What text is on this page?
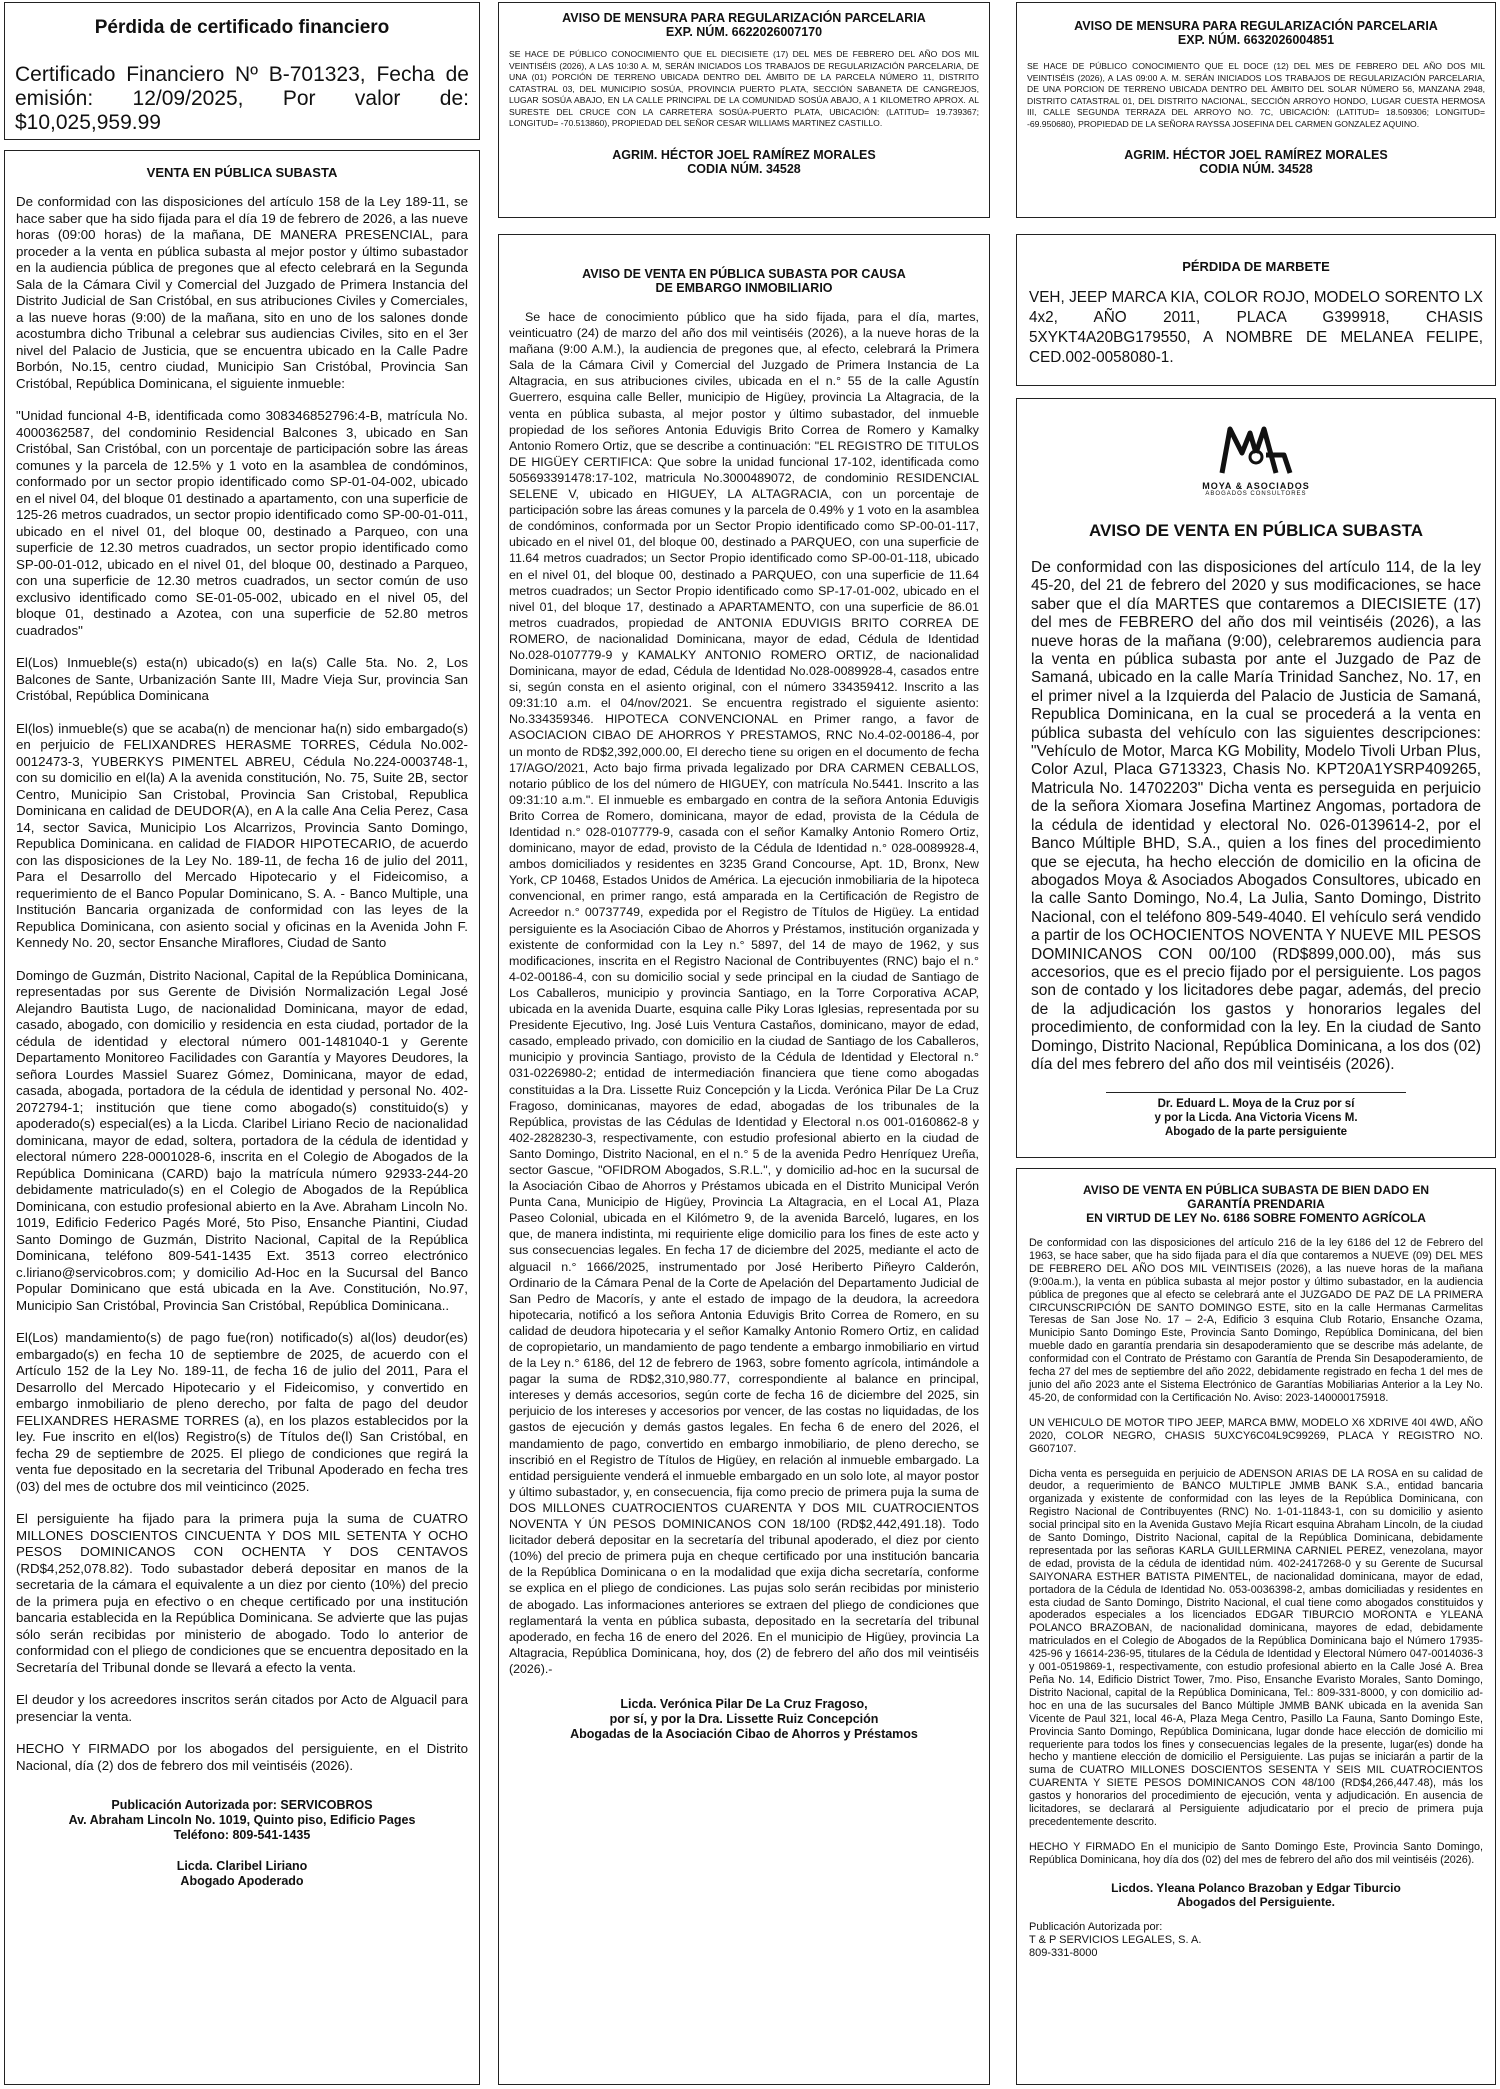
Pérdida de certificado financiero

Certificado Financiero Nº B-701323, Fecha de emisión: 12/09/2025, Por valor de: $10,025,959.99

VENTA EN PÚBLICA SUBASTA

De conformidad con las disposiciones del artículo 158 de la Ley 189-11, se hace saber que ha sido fijada para el día 19 de febrero de 2026, a las nueve horas (09:00 horas) de la mañana, DE MANERA PRESENCIAL, para proceder a la venta en pública subasta al mejor postor y último subastador en la audiencia pública de pregones que al efecto celebrará en la Segunda Sala de la Cámara Civil y Comercial del Juzgado de Primera Instancia del Distrito Judicial de San Cristóbal, en sus atribuciones Civiles y Comerciales, a las nueve horas (9:00) de la mañana, sito en uno de los salones donde acostumbra dicho Tribunal a celebrar sus audiencias Civiles, sito en el 3er nivel del Palacio de Justicia, que se encuentra ubicado en la Calle Padre Borbón, No.15, centro ciudad, Municipio San Cristóbal, Provincia San Cristóbal, República Dominicana, el siguiente inmueble:

"Unidad funcional 4-B, identificada como 308346852796:4-B, matrícula No. 4000362587, del condominio Residencial Balcones 3, ubicado en San Cristóbal, San Cristóbal, con un porcentaje de participación sobre las áreas comunes y la parcela de 12.5% y 1 voto en la asamblea de condóminos, conformado por un sector propio identificado como SP-01-04-002, ubicado en el nivel 04, del bloque 01 destinado a apartamento, con una superficie de 125-26 metros cuadrados, un sector propio identificado como SP-00-01-011, ubicado en el nivel 01, del bloque 00, destinado a Parqueo, con una superficie de 12.30 metros cuadrados, un sector propio identificado como SP-00-01-012, ubicado en el nivel 01, del bloque 00, destinado a Parqueo, con una superficie de 12.30 metros cuadrados, un sector común de uso exclusivo identificado como SE-01-05-002, ubicado en el nivel 05, del bloque 01, destinado a Azotea, con una superficie de 52.80 metros cuadrados"

El(Los) Inmueble(s) esta(n) ubicado(s) en la(s) Calle 5ta. No. 2, Los Balcones de Sante, Urbanización Sante III, Madre Vieja Sur, provincia San Cristóbal, República Dominicana

El(los) inmueble(s) que se acaba(n) de mencionar ha(n) sido embargado(s) en perjuicio de FELIXANDRES HERASME TORRES, Cédula No.002-0012473-3, YUBERKYS PIMENTEL ABREU, Cédula No.224-0003748-1, con su domicilio en el(la) A la avenida constitución, No. 75, Suite 2B, sector Centro, Municipio San Cristobal, Provincia San Cristobal, Republica Dominicana en calidad de DEUDOR(A), en A la calle Ana Celia Perez, Casa 14, sector Savica, Municipio Los Alcarrizos, Provincia Santo Domingo, Republica Dominicana. en calidad de FIADOR HIPOTECARIO, de acuerdo con las disposiciones de la Ley No. 189-11, de fecha 16 de julio del 2011, Para el Desarrollo del Mercado Hipotecario y el Fideicomiso, a requerimiento de el Banco Popular Dominicano, S. A. - Banco Multiple, una Institución Bancaria organizada de conformidad con las leyes de la Republica Dominicana, con asiento social y oficinas en la Avenida John F. Kennedy No. 20, sector Ensanche Miraflores, Ciudad de Santo

Domingo de Guzmán, Distrito Nacional, Capital de la República Dominicana, representadas por sus Gerente de División Normalización Legal José Alejandro Bautista Lugo, de nacionalidad Dominicana, mayor de edad, casado, abogado, con domicilio y residencia en esta ciudad, portador de la cédula de identidad y electoral número 001-1481040-1 y Gerente Departamento Monitoreo Facilidades con Garantía y Mayores Deudores, la señora Lourdes Massiel Suarez Gómez, Dominicana, mayor de edad, casada, abogada, portadora de la cédula de identidad y personal No. 402-2072794-1; institución que tiene como abogado(s) constituido(s) y apoderado(s) especial(es) a la Licda. Claribel Liriano Recio de nacionalidad dominicana, mayor de edad, soltera, portadora de la cédula de identidad y electoral número 228-0001028-6, inscrita en el Colegio de Abogados de la República Dominicana (CARD) bajo la matrícula número 92933-244-20 debidamente matriculado(s) en el Colegio de Abogados de la República Dominicana, con estudio profesional abierto en la Ave. Abraham Lincoln No. 1019, Edificio Federico Pagés Moré, 5to Piso, Ensanche Piantini, Ciudad Santo Domingo de Guzmán, Distrito Nacional, Capital de la República Dominicana, teléfono 809-541-1435 Ext. 3513 correo electrónico c.liriano@servicobros.com; y domicilio Ad-Hoc en la Sucursal del Banco Popular Dominicano que está ubicada en la Ave. Constitución, No.97, Municipio San Cristóbal, Provincia San Cristóbal, República Dominicana..

El(Los) mandamiento(s) de pago fue(ron) notificado(s) al(los) deudor(es) embargado(s) en fecha 10 de septiembre de 2025, de acuerdo con el Artículo 152 de la Ley No. 189-11, de fecha 16 de julio del 2011, Para el Desarrollo del Mercado Hipotecario y el Fideicomiso, y convertido en embargo inmobiliario de pleno derecho, por falta de pago del deudor FELIXANDRES HERASME TORRES (a), en los plazos establecidos por la ley. Fue inscrito en el(los) Registro(s) de Títulos de(l) San Cristóbal, en fecha 29 de septiembre de 2025. El pliego de condiciones que regirá la venta fue depositado en la secretaria del Tribunal Apoderado en fecha tres (03) del mes de octubre dos mil veinticinco (2025.

El persiguiente ha fijado para la primera puja la suma de CUATRO MILLONES DOSCIENTOS CINCUENTA Y DOS MIL SETENTA Y OCHO PESOS DOMINICANOS CON OCHENTA Y DOS CENTAVOS (RD$4,252,078.82). Todo subastador deberá depositar en manos de la secretaria de la cámara el equivalente a un diez por ciento (10%) del precio de la primera puja en efectivo o en cheque certificado por una institución bancaria establecida en la República Dominicana. Se advierte que las pujas sólo serán recibidas por ministerio de abogado. Todo lo anterior de conformidad con el pliego de condiciones que se encuentra depositado en la Secretaría del Tribunal donde se llevará a efecto la venta.

El deudor y los acreedores inscritos serán citados por Acto de Alguacil para presenciar la venta.

HECHO Y FIRMADO por los abogados del persiguiente, en el Distrito Nacional, día (2) dos de febrero dos mil veintiséis (2026).

Publicación Autorizada por: SERVICOBROS

Av. Abraham Lincoln No. 1019, Quinto piso, Edificio Pages

Teléfono: 809-541-1435

Licda. Claribel Liriano

Abogado Apoderado

AVISO DE MENSURA PARA REGULARIZACIÓN PARCELARIA

EXP. NÚM. 6622026007170

SE HACE DE PÚBLICO CONOCIMIENTO QUE EL DIECISIETE (17) DEL MES DE FEBRERO DEL AÑO DOS MIL VEINTISÉIS (2026), A LAS 10:30 A. M, SERÁN INICIADOS LOS TRABAJOS DE REGULARIZACIÓN PARCELARIA, DE UNA (01) PORCIÓN DE TERRENO UBICADA DENTRO DEL ÁMBITO DE LA PARCELA NÚMERO 11, DISTRITO CATASTRAL 03, DEL MUNICIPIO SOSÚA, PROVINCIA PUERTO PLATA, SECCIÓN SABANETA DE CANGREJOS, LUGAR SOSÚA ABAJO, EN LA CALLE PRINCIPAL DE LA COMUNIDAD SOSÚA ABAJO, A 1 KILOMETRO APROX. AL SURESTE DEL CRUCE CON LA CARRETERA SOSÚA-PUERTO PLATA, UBICACIÓN: (LATITUD= 19.739367; LONGITUD= -70.513860), PROPIEDAD DEL SEÑOR CESAR WILLIAMS MARTINEZ CASTILLO.

AGRIM. HÉCTOR JOEL RAMÍREZ MORALES

CODIA NÚM. 34528

AVISO DE MENSURA PARA REGULARIZACIÓN PARCELARIA

EXP. NÚM. 6632026004851

SE HACE DE PÚBLICO CONOCIMIENTO QUE EL DOCE (12) DEL MES DE FEBRERO DEL AÑO DOS MIL VEINTISÉIS (2026), A LAS 09:00 A. M. SERÁN INICIADOS LOS TRABAJOS DE REGULARIZACIÓN PARCELARIA, DE UNA PORCION DE TERRENO UBICADA DENTRO DEL ÁMBITO DEL SOLAR NÚMERO 56, MANZANA 2948, DISTRITO CATASTRAL 01, DEL DISTRITO NACIONAL, SECCIÓN ARROYO HONDO, LUGAR CUESTA HERMOSA III, CALLE SEGUNDA TERRAZA DEL ARROYO NO. 7C, UBICACIÓN: (LATITUD= 18.509306; LONGITUD= -69.950680), PROPIEDAD DE LA SEÑORA RAYSSA JOSEFINA DEL CARMEN GONZALEZ AQUINO.

AGRIM. HÉCTOR JOEL RAMÍREZ MORALES

CODIA NÚM. 34528

AVISO DE VENTA EN PÚBLICA SUBASTA POR CAUSA

DE EMBARGO INMOBILIARIO

Se hace de conocimiento público que ha sido fijada, para el día, martes, veinticuatro (24) de marzo del año dos mil veintiséis (2026), a la nueve horas de la mañana (9:00 A.M.), la audiencia de pregones que, al efecto, celebrará la Primera Sala de la Cámara Civil y Comercial del Juzgado de Primera Instancia de La Altagracia, en sus atribuciones civiles, ubicada en el n.° 55 de la calle Agustín Guerrero, esquina calle Beller, municipio de Higüey, provincia La Altagracia, de la venta en pública subasta, al mejor postor y último subastador, del inmueble propiedad de los señores Antonia Eduvigis Brito Correa de Romero y Kamalky Antonio Romero Ortiz, que se describe a continuación: "EL REGISTRO DE TITULOS DE HIGÜEY CERTIFICA: Que sobre la unidad funcional 17-102, identificada como 505693391478:17-102, matricula No.3000489072, de condominio RESIDENCIAL SELENE V, ubicado en HIGUEY, LA ALTAGRACIA, con un porcentaje de participación sobre las áreas comunes y la parcela de 0.49% y 1 voto en la asamblea de condóminos, conformada por un Sector Propio identificado como SP-00-01-117, ubicado en el nivel 01, del bloque 00, destinado a PARQUEO, con una superficie de 11.64 metros cuadrados; un Sector Propio identificado como SP-00-01-118, ubicado en el nivel 01, del bloque 00, destinado a PARQUEO, con una superficie de 11.64 metros cuadrados; un Sector Propio identificado como SP-17-01-002, ubicado en el nivel 01, del bloque 17, destinado a APARTAMENTO, con una superficie de 86.01 metros cuadrados, propiedad de ANTONIA EDUVIGIS BRITO CORREA DE ROMERO, de nacionalidad Dominicana, mayor de edad, Cédula de Identidad No.028-0107779-9 y KAMALKY ANTONIO ROMERO ORTIZ, de nacionalidad Dominicana, mayor de edad, Cédula de Identidad No.028-0089928-4, casados entre si, según consta en el asiento original, con el número 334359412. Inscrito a las 09:31:10 a.m. el 04/nov/2021. Se encuentra registrado el siguiente asiento: No.334359346. HIPOTECA CONVENCIONAL en Primer rango, a favor de ASOCIACION CIBAO DE AHORROS Y PRESTAMOS, RNC No.4-02-00186-4, por un monto de RD$2,392,000.00, El derecho tiene su origen en el documento de fecha 17/AGO/2021, Acto bajo firma privada legalizado por DRA CARMEN CEBALLOS, notario público de los del número de HIGUEY, con matrícula No.5441. Inscrito a las 09:31:10 a.m.". El inmueble es embargado en contra de la señora Antonia Eduvigis Brito Correa de Romero, dominicana, mayor de edad, provista de la Cédula de Identidad n.° 028-0107779-9, casada con el señor Kamalky Antonio Romero Ortiz, dominicano, mayor de edad, provisto de la Cédula de Identidad n.° 028-0089928-4, ambos domiciliados y residentes en 3235 Grand Concourse, Apt. 1D, Bronx, New York, CP 10468, Estados Unidos de América. La ejecución inmobiliaria de la hipoteca convencional, en primer rango, está amparada en la Certificación de Registro de Acreedor n.° 00737749, expedida por el Registro de Títulos de Higüey. La entidad persiguiente es la Asociación Cibao de Ahorros y Préstamos, institución organizada y existente de conformidad con la Ley n.° 5897, del 14 de mayo de 1962, y sus modificaciones, inscrita en el Registro Nacional de Contribuyentes (RNC) bajo el n.° 4-02-00186-4, con su domicilio social y sede principal en la ciudad de Santiago de Los Caballeros, municipio y provincia Santiago, en la Torre Corporativa ACAP, ubicada en la avenida Duarte, esquina calle Piky Loras Iglesias, representada por su Presidente Ejecutivo, Ing. José Luis Ventura Castaños, dominicano, mayor de edad, casado, empleado privado, con domicilio en la ciudad de Santiago de los Caballeros, municipio y provincia Santiago, provisto de la Cédula de Identidad y Electoral n.° 031-0226980-2; entidad de intermediación financiera que tiene como abogadas constituidas a la Dra. Lissette Ruiz Concepción y la Licda. Verónica Pilar De La Cruz Fragoso, dominicanas, mayores de edad, abogadas de los tribunales de la República, provistas de las Cédulas de Identidad y Electoral n.os 001-0160862-8 y 402-2828230-3, respectivamente, con estudio profesional abierto en la ciudad de Santo Domingo, Distrito Nacional, en el n.° 5 de la avenida Pedro Henríquez Ureña, sector Gascue, "OFIDROM Abogados, S.R.L.", y domicilio ad-hoc en la sucursal de la Asociación Cibao de Ahorros y Préstamos ubicada en el Distrito Municipal Verón Punta Cana, Municipio de Higüey, Provincia La Altagracia, en el Local A1, Plaza Paseo Colonial, ubicada en el Kilómetro 9, de la avenida Barceló, lugares, en los que, de manera indistinta, mi requiriente elige domicilio para los fines de este acto y sus consecuencias legales. En fecha 17 de diciembre del 2025, mediante el acto de alguacil n.° 1666/2025, instrumentado por José Heriberto Piñeyro Calderón, Ordinario de la Cámara Penal de la Corte de Apelación del Departamento Judicial de San Pedro de Macorís, y ante el estado de impago de la deudora, la acreedora hipotecaria, notificó a los señora Antonia Eduvigis Brito Correa de Romero, en su calidad de deudora hipotecaria y el señor Kamalky Antonio Romero Ortiz, en calidad de copropietario, un mandamiento de pago tendente a embargo inmobiliario en virtud de la Ley n.° 6186, del 12 de febrero de 1963, sobre fomento agrícola, intimándole a pagar la suma de RD$2,310,980.77, correspondiente al balance en principal, intereses y demás accesorios, según corte de fecha 16 de diciembre del 2025, sin perjuicio de los intereses y accesorios por vencer, de las costas no liquidadas, de los gastos de ejecución y demás gastos legales. En fecha 6 de enero del 2026, el mandamiento de pago, convertido en embargo inmobiliario, de pleno derecho, se inscribió en el Registro de Títulos de Higüey, en relación al inmueble embargado. La entidad persiguiente venderá el inmueble embargado en un solo lote, al mayor postor y último subastador, y, en consecuencia, fija como precio de primera puja la suma de DOS MILLONES CUATROCIENTOS CUARENTA Y DOS MIL CUATROCIENTOS NOVENTA Y ÚN PESOS DOMINICANOS CON 18/100 (RD$2,442,491.18). Todo licitador deberá depositar en la secretaría del tribunal apoderado, el diez por ciento (10%) del precio de primera puja en cheque certificado por una institución bancaria de la República Dominicana o en la modalidad que exija dicha secretaría, conforme se explica en el pliego de condiciones. Las pujas solo serán recibidas por ministerio de abogado. Las informaciones anteriores se extraen del pliego de condiciones que reglamentará la venta en pública subasta, depositado en la secretaría del tribunal apoderado, en fecha 16 de enero del 2026. En el municipio de Higüey, provincia La Altagracia, República Dominicana, hoy, dos (2) de febrero del año dos mil veintiséis (2026).-

Licda. Verónica Pilar De La Cruz Fragoso,

por sí, y por la Dra. Lissette Ruiz Concepción

Abogadas de la Asociación Cibao de Ahorros y Préstamos

PÉRDIDA DE MARBETE

VEH, JEEP MARCA KIA, COLOR ROJO, MODELO SORENTO LX 4x2, AÑO 2011, PLACA G399918, CHASIS 5XYKT4A20BG179550, A NOMBRE DE MELANEA FELIPE, CED.002-0058080-1.

MOYA & ASOCIADOS

ABOGADOS CONSULTORES

AVISO DE VENTA EN PÚBLICA SUBASTA

De conformidad con las disposiciones del artículo 114, de la ley 45-20, del 21 de febrero del 2020 y sus modificaciones, se hace saber que el día MARTES que contaremos a DIECISIETE (17) del mes de FEBRERO del año dos mil veintiséis (2026), a las nueve horas de la mañana (9:00), celebraremos audiencia para la venta en pública subasta por ante el Juzgado de Paz de Samaná, ubicado en la calle María Trinidad Sanchez, No. 17, en el primer nivel a la Izquierda del Palacio de Justicia de Samaná, Republica Dominicana, en la cual se procederá a la venta en pública subasta del vehículo con las siguientes descripciones: "Vehículo de Motor, Marca KG Mobility, Modelo Tivoli Urban Plus, Color Azul, Placa G713323, Chasis No. KPT20A1YSRP409265, Matricula No. 14702203" Dicha venta es perseguida en perjuicio de la señora Xiomara Josefina Martinez Angomas, portadora de la cédula de identidad y electoral No. 026-0139614-2, por el Banco Múltiple BHD, S.A., quien a los fines del procedimiento que se ejecuta, ha hecho elección de domicilio en la oficina de abogados Moya & Asociados Abogados Consultores, ubicado en la calle Santo Domingo, No.4, La Julia, Santo Domingo, Distrito Nacional, con el teléfono 809-549-4040. El vehículo será vendido a partir de los OCHOCIENTOS NOVENTA Y NUEVE MIL PESOS DOMINICANOS CON 00/100 (RD$899,000.00), más sus accesorios, que es el precio fijado por el persiguiente. Los pagos son de contado y los licitadores debe pagar, además, del precio de la adjudicación los gastos y honorarios legales del procedimiento, de conformidad con la ley. En la ciudad de Santo Domingo, Distrito Nacional, República Dominicana, a los dos (02) día del mes febrero del año dos mil veintiséis (2026).

Dr. Eduard L. Moya de la Cruz por sí

y por la Licda. Ana Victoria Vicens M.

Abogado de la parte persiguiente

AVISO DE VENTA EN PÚBLICA SUBASTA DE BIEN DADO EN

GARANTÍA PRENDARIA

EN VIRTUD DE LEY No. 6186 SOBRE FOMENTO AGRÍCOLA

De conformidad con las disposiciones del artículo 216 de la ley 6186 del 12 de Febrero del 1963, se hace saber, que ha sido fijada para el día que contaremos a NUEVE (09) DEL MES DE FEBRERO DEL AÑO DOS MIL VEINTISEIS (2026), a las nueve horas de la mañana (9:00a.m.), la venta en pública subasta al mejor postor y último subastador, en la audiencia pública de pregones que al efecto se celebrará ante el JUZGADO DE PAZ DE LA PRIMERA CIRCUNSCRIPCIÓN DE SANTO DOMINGO ESTE, sito en la calle Hermanas Carmelitas Teresas de San Jose No. 17 – 2-A, Edificio 3 esquina Club Rotario, Ensanche Ozama, Municipio Santo Domingo Este, Provincia Santo Domingo, República Dominicana, del bien mueble dado en garantía prendaria sin desapoderamiento que se describe más adelante, de conformidad con el Contrato de Préstamo con Garantía de Prenda Sin Desapoderamiento, de fecha 27 del mes de septiembre del año 2022, debidamente registrado en fecha 1 del mes de junio del año 2023 ante el Sistema Electrónico de Garantías Mobiliarias Anterior a la Ley No. 45-20, de conformidad con la Certificación No. Aviso: 2023-140000175918.

UN VEHICULO DE MOTOR TIPO JEEP, MARCA BMW, MODELO X6 XDRIVE 40I 4WD, AÑO 2020, COLOR NEGRO, CHASIS 5UXCY6C04L9C99269, PLACA Y REGISTRO NO. G607107.

Dicha venta es perseguida en perjuicio de ADENSON ARIAS DE LA ROSA en su calidad de deudor, a requerimiento de BANCO MULTIPLE JMMB BANK S.A., entidad bancaria organizada y existente de conformidad con las leyes de la República Dominicana, con Registro Nacional de Contribuyentes (RNC) No. 1-01-11843-1, con su domicilio y asiento social principal sito en la Avenida Gustavo Mejía Ricart esquina Abraham Lincoln, de la ciudad de Santo Domingo, Distrito Nacional, capital de la República Dominicana, debidamente representada por las señoras KARLA GUILLERMINA CARNIEL PEREZ, venezolana, mayor de edad, provista de la cédula de identidad núm. 402-2417268-0 y su Gerente de Sucursal SAIYONARA ESTHER BATISTA PIMENTEL, de nacionalidad dominicana, mayor de edad, portadora de la Cédula de Identidad No. 053-0036398-2, ambas domiciliadas y residentes en esta ciudad de Santo Domingo, Distrito Nacional, el cual tiene como abogados constituidos y apoderados especiales a los licenciados EDGAR TIBURCIO MORONTA e YLEANA POLANCO BRAZOBAN, de nacionalidad dominicana, mayores de edad, debidamente matriculados en el Colegio de Abogados de la República Dominicana bajo el Número 17935-425-96 y 16614-236-95, titulares de la Cédula de Identidad y Electoral Número 047-0014036-3 y 001-0519869-1, respectivamente, con estudio profesional abierto en la Calle José A. Brea Peña No. 14, Edificio District Tower, 7mo. Piso, Ensanche Evaristo Morales, Santo Domingo, Distrito Nacional, capital de la República Dominicana, Tel.: 809-331-8000, y con domicilio ad-hoc en una de las sucursales del Banco Múltiple JMMB BANK ubicada en la avenida San Vicente de Paul 321, local 46-A, Plaza Mega Centro, Pasillo La Fauna, Santo Domingo Este, Provincia Santo Domingo, República Dominicana, lugar donde hace elección de domicilio mi requeriente para todos los fines y consecuencias legales de la presente, lugar(es) donde ha hecho y mantiene elección de domicilio el Persiguiente. Las pujas se iniciarán a partir de la suma de CUATRO MILLONES DOSCIENTOS SESENTA Y SEIS MIL CUATROCIENTOS CUARENTA Y SIETE PESOS DOMINICANOS CON 48/100 (RD$4,266,447.48), más los gastos y honorarios del procedimiento de ejecución, venta y adjudicación. En ausencia de licitadores, se declarará al Persiguiente adjudicatario por el precio de primera puja precedentemente descrito.

HECHO Y FIRMADO En el municipio de Santo Domingo Este, Provincia Santo Domingo, República Dominicana, hoy día dos (02) del mes de febrero del año dos mil veintiséis (2026).

Licdos. Yleana Polanco Brazoban y Edgar Tiburcio

Abogados del Persiguiente.

Publicación Autorizada por:

T & P SERVICIOS LEGALES, S. A.

809-331-8000
